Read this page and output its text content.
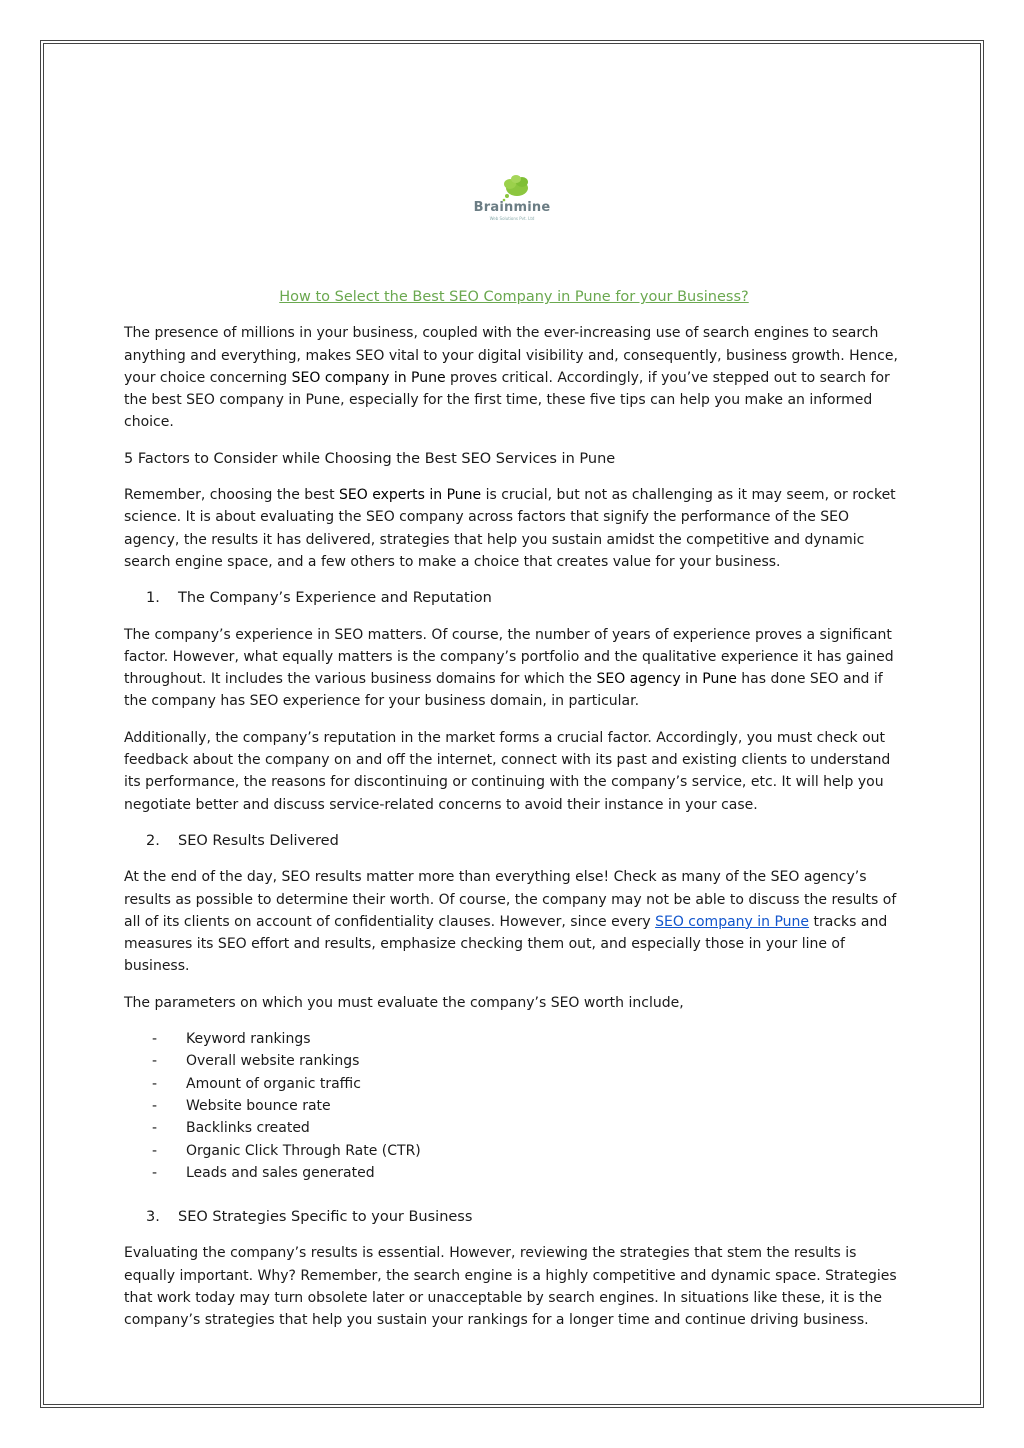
Brainmine
Web Solutions Pvt. Ltd
How to Select the Best SEO Company in Pune for your Business?

The presence of millions in your business, coupled with the ever-increasing use of search engines to search anything and everything, makes SEO vital to your digital visibility and, consequently, business growth. Hence, your choice concerning SEO company in Pune proves critical. Accordingly, if you’ve stepped out to search for the best SEO company in Pune, especially for the first time, these five tips can help you make an informed choice.

5 Factors to Consider while Choosing the Best SEO Services in Pune

Remember, choosing the best SEO experts in Pune is crucial, but not as challenging as it may seem, or rocket science. It is about evaluating the SEO company across factors that signify the performance of the SEO agency, the results it has delivered, strategies that help you sustain amidst the competitive and dynamic search engine space, and a few others to make a choice that creates value for your business.

1.	The Company’s Experience and Reputation

The company’s experience in SEO matters. Of course, the number of years of experience proves a significant factor. However, what equally matters is the company’s portfolio and the qualitative experience it has gained throughout. It includes the various business domains for which the SEO agency in Pune has done SEO and if the company has SEO experience for your business domain, in particular.

Additionally, the company’s reputation in the market forms a crucial factor. Accordingly, you must check out feedback about the company on and off the internet, connect with its past and existing clients to understand its performance, the reasons for discontinuing or continuing with the company’s service, etc. It will help you negotiate better and discuss service-related concerns to avoid their instance in your case.

2.	SEO Results Delivered

At the end of the day, SEO results matter more than everything else! Check as many of the SEO agency’s results as possible to determine their worth. Of course, the company may not be able to discuss the results of all of its clients on account of confidentiality clauses. However, since every SEO company in Pune tracks and measures its SEO effort and results, emphasize checking them out, and especially those in your line of business.

The parameters on which you must evaluate the company’s SEO worth include,

-	Keyword rankings
-	Overall website rankings
-	Amount of organic traffic
-	Website bounce rate
-	Backlinks created
-	Organic Click Through Rate (CTR)
-	Leads and sales generated
3.	SEO Strategies Specific to your Business

Evaluating the company’s results is essential. However, reviewing the strategies that stem the results is equally important. Why? Remember, the search engine is a highly competitive and dynamic space. Strategies that work today may turn obsolete later or unacceptable by search engines. In situations like these, it is the company’s strategies that help you sustain your rankings for a longer time and continue driving business.
